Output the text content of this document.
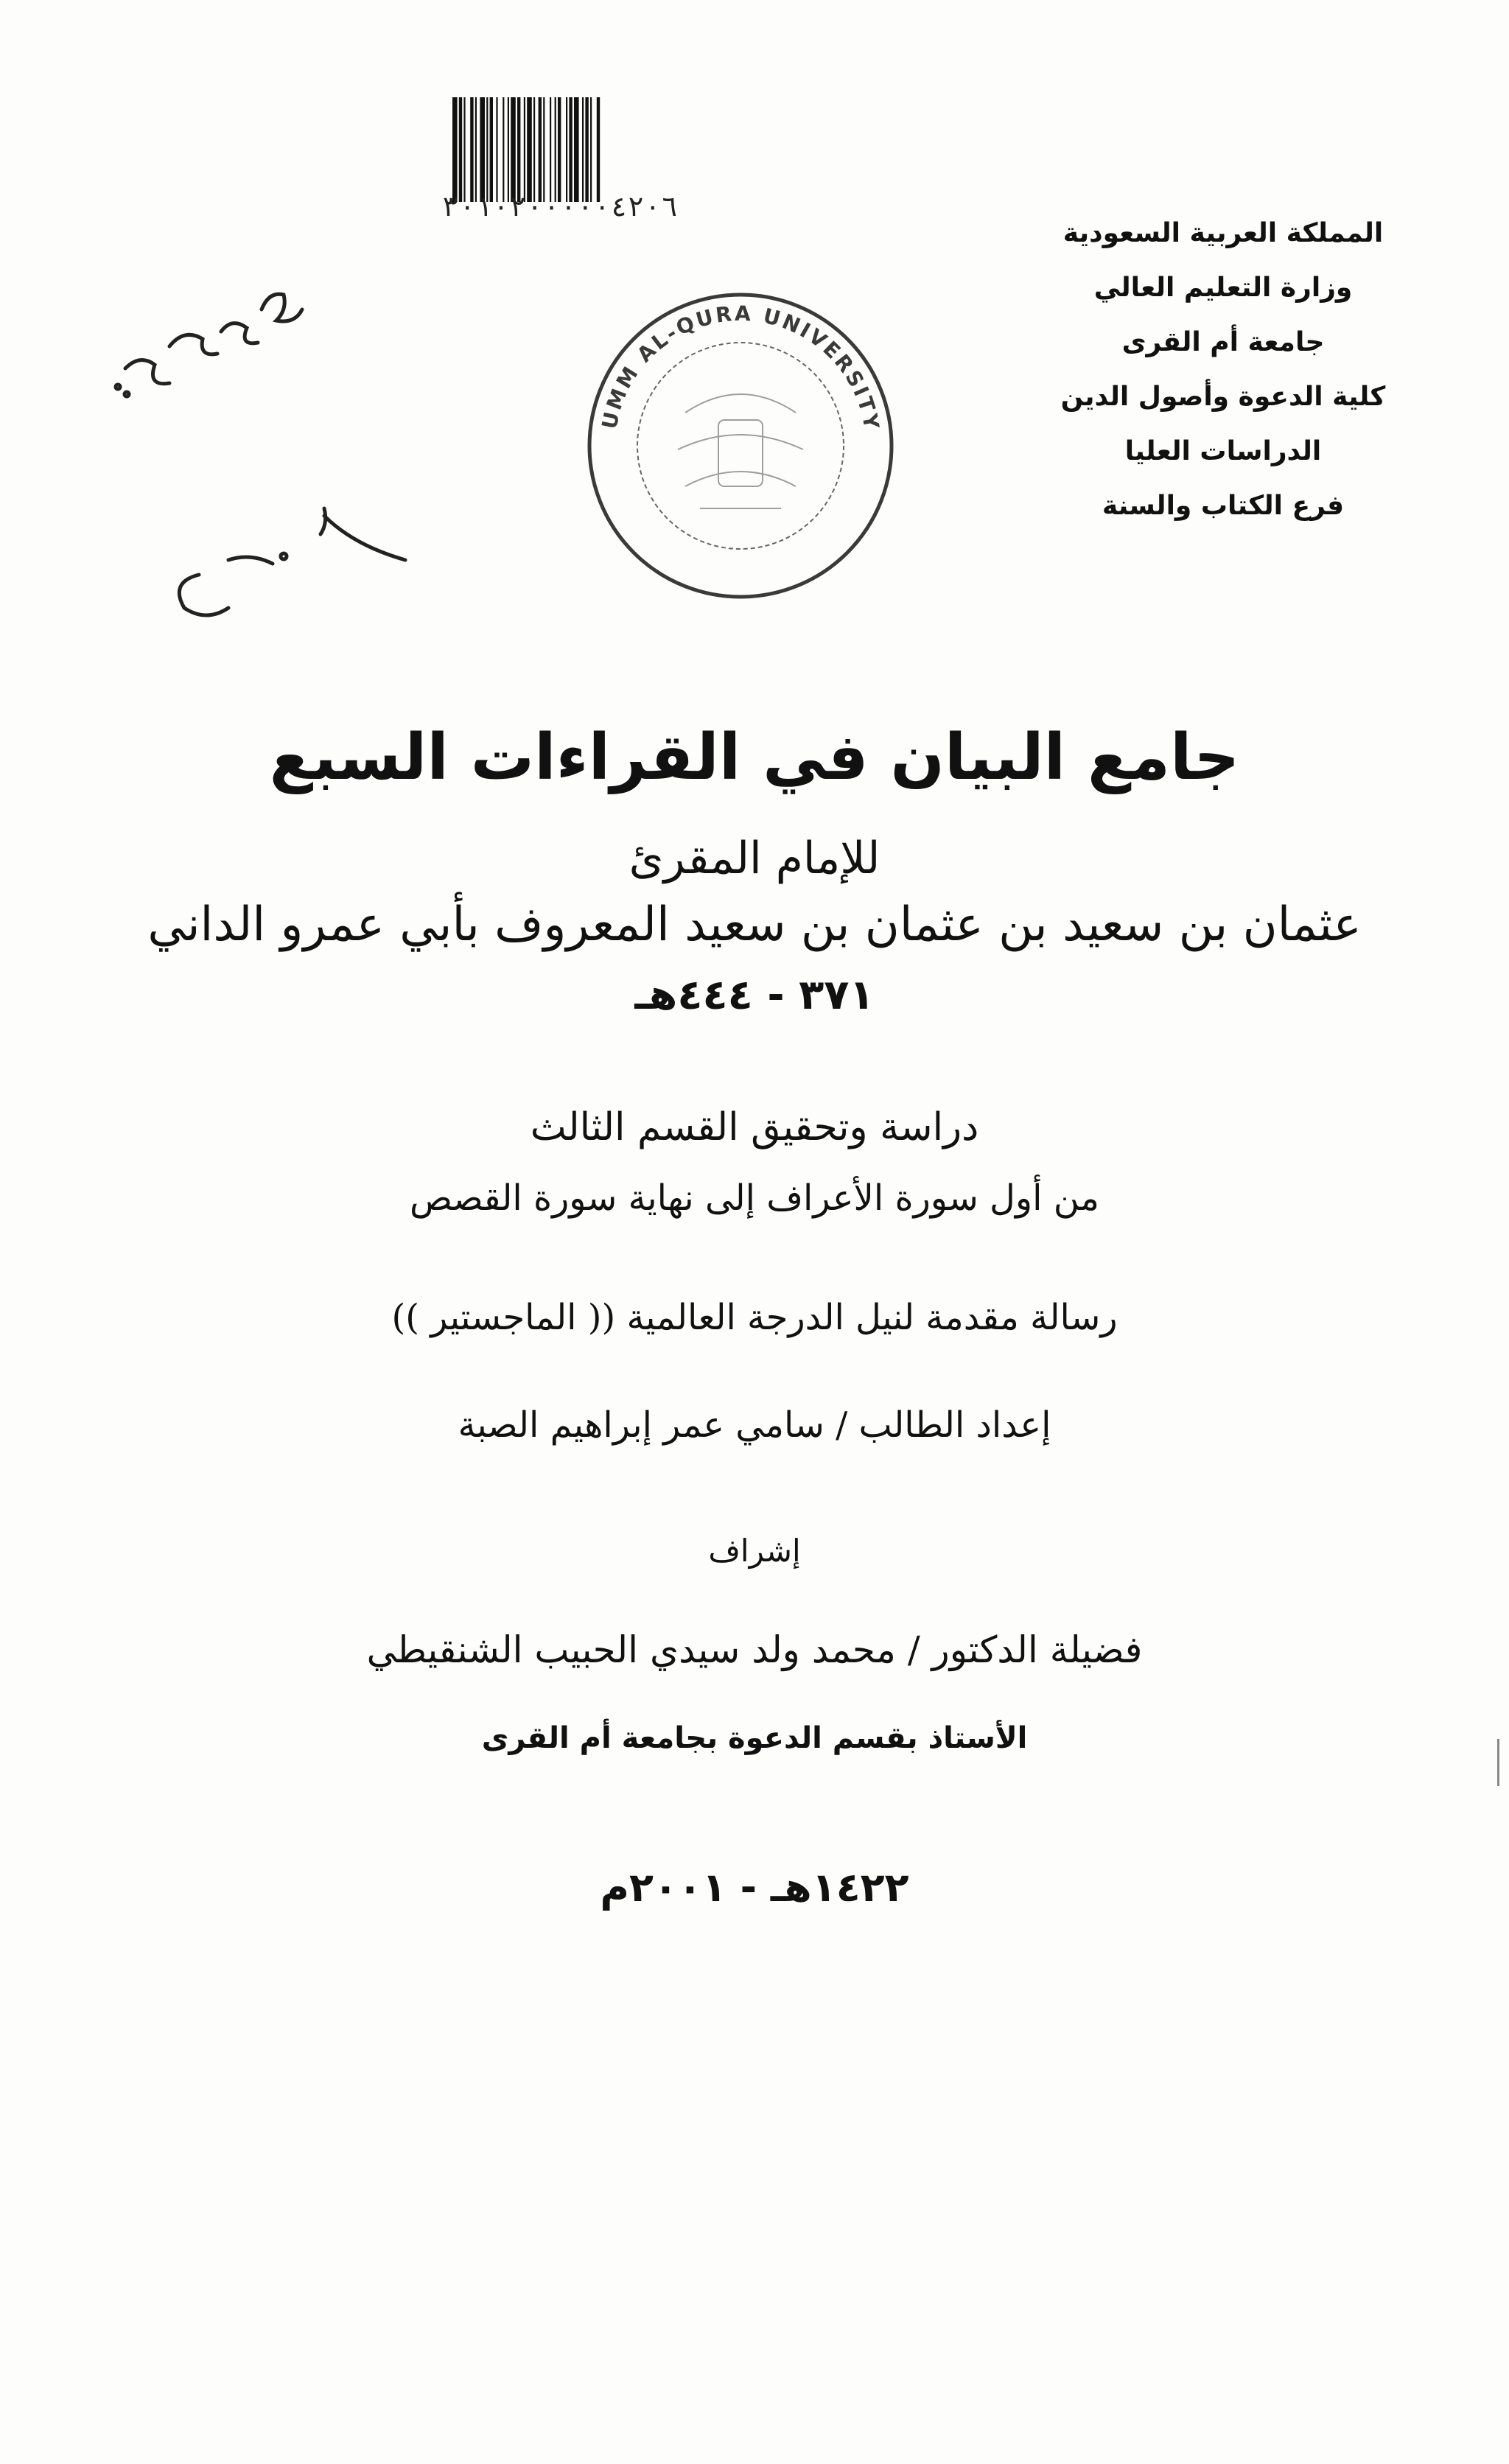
٣٠١٠٢٠٠٠٠٠٤٢٠٦
المملكة العربية السعودية
وزارة التعليم العالي
جامعة أم القرى
كلية الدعوة وأصول الدين
الدراسات العليا
فرع الكتاب والسنة
UMM AL-QURA UNIVERSITY
جامع البيان في القراءات السبع
للإمام المقرئ
عثمان بن سعيد بن عثمان بن سعيد المعروف بأبي عمرو الداني
٣٧١ - ٤٤٤هـ
دراسة وتحقيق القسم الثالث
من أول سورة الأعراف إلى نهاية سورة القصص
رسالة مقدمة لنيل الدرجة العالمية (( الماجستير ))
إعداد الطالب / سامي عمر إبراهيم الصبة
إشراف
فضيلة الدكتور / محمد ولد سيدي الحبيب الشنقيطي
الأستاذ بقسم الدعوة بجامعة أم القرى
١٤٢٢هـ - ٢٠٠١م
